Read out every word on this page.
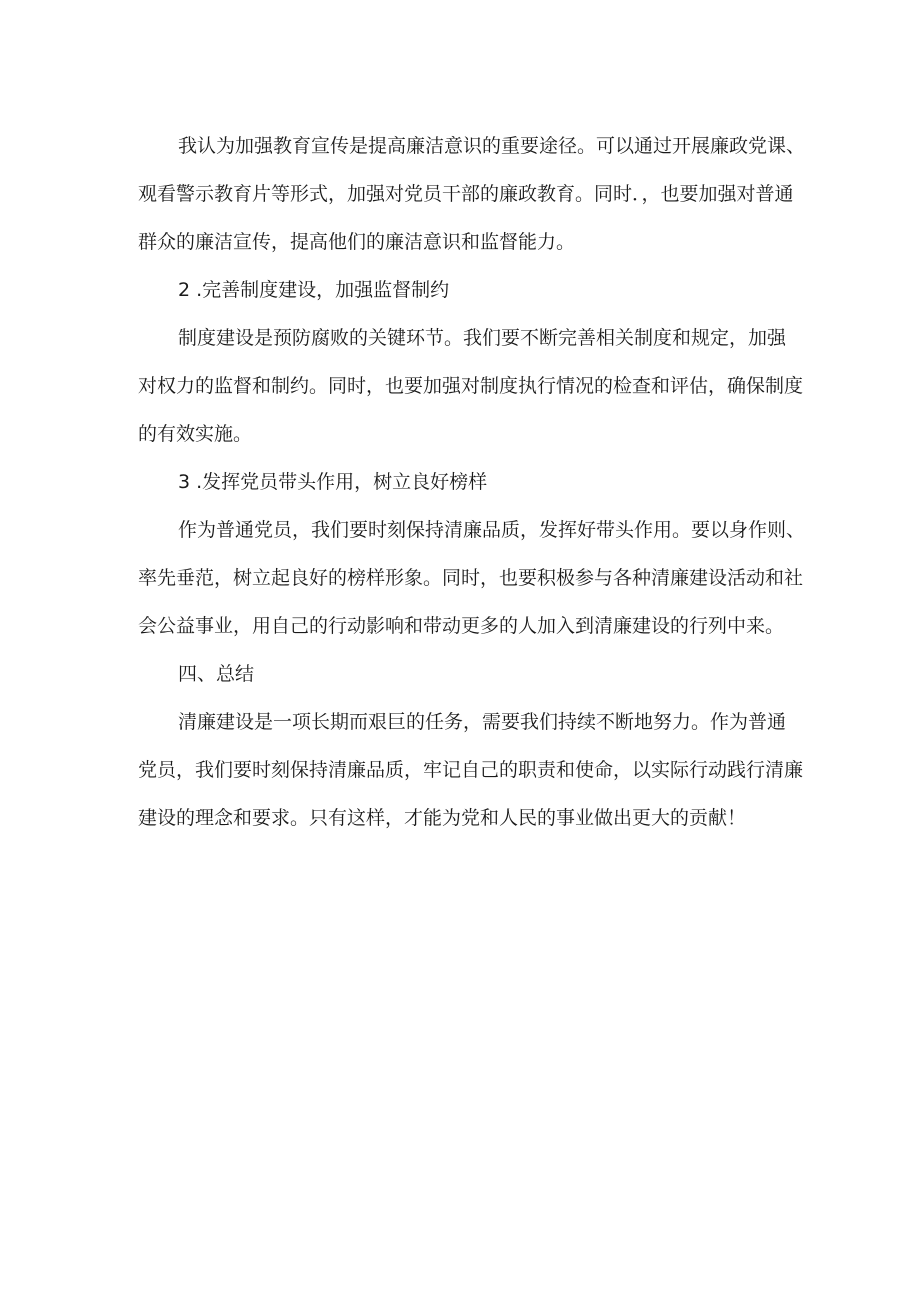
我认为加强教育宣传是提高廉洁意识的重要途径。可以通过开展廉政党课、
观看警示教育片等形式，加强对党员干部的廉政教育。同时．，也要加强对普通
群众的廉洁宣传，提高他们的廉洁意识和监督能力。
2 .完善制度建设，加强监督制约
制度建设是预防腐败的关键环节。我们要不断完善相关制度和规定，加强
对权力的监督和制约。同时，也要加强对制度执行情况的检查和评估，确保制度
的有效实施。
3 .发挥党员带头作用，树立良好榜样
作为普通党员，我们要时刻保持清廉品质，发挥好带头作用。要以身作则、
率先垂范，树立起良好的榜样形象。同时，也要积极参与各种清廉建设活动和社
会公益事业，用自己的行动影响和带动更多的人加入到清廉建设的行列中来。
四、总结
清廉建设是一项长期而艰巨的任务，需要我们持续不断地努力。作为普通
党员，我们要时刻保持清廉品质，牢记自己的职责和使命，以实际行动践行清廉
建设的理念和要求。只有这样，才能为党和人民的事业做出更大的贡献！
